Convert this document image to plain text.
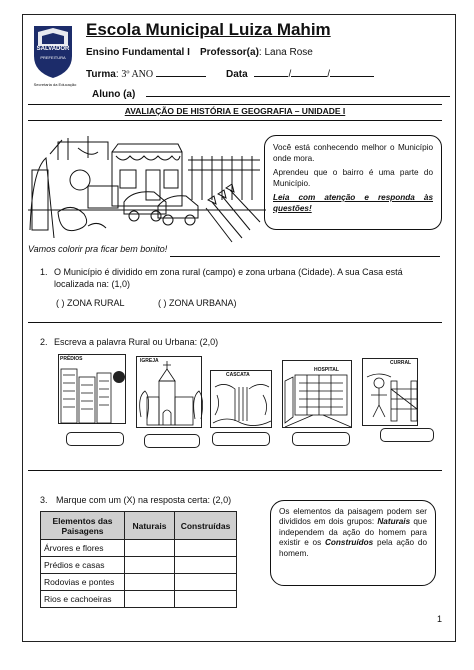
SALVADOR
PREFEITURA
Secretaria da Educação
Escola Municipal Luiza Mahim
Ensino Fundamental I Professor(a): Lana Rose
Turma: 3º ANO	Data	/	/
Aluno (a)
AVALIAÇÃO DE HISTÓRIA E GEOGRAFIA – UNIDADE I
Vamos colorir pra ficar bem bonito!

Você está conhecendo melhor o Município onde mora.

Aprendeu que o bairro é uma parte do Município.

Leia com atenção e responda às questões!

1. O Município é dividido em zona rural (campo) e zona urbana (Cidade). A sua Casa está localizada na: (1,0)
( ) ZONA RURAL	( ) ZONA URBANA)
2. Escreva a palavra Rural ou Urbana: (2,0)
PRÉDIOS	IGREJA
CASCATA
HOSPITAL
CURRAL
3. Marque com um (X) na resposta certa: (2,0)
Elementos das Paisagens	Naturais	Construídas
Árvores e flores		
Prédios e casas		
Rodovias e pontes		
Rios e cachoeiras		
Os elementos da paisagem podem ser divididos em dois grupos: Naturais que independem da ação do homem para existir e os Construídos pela ação do homem.
1
